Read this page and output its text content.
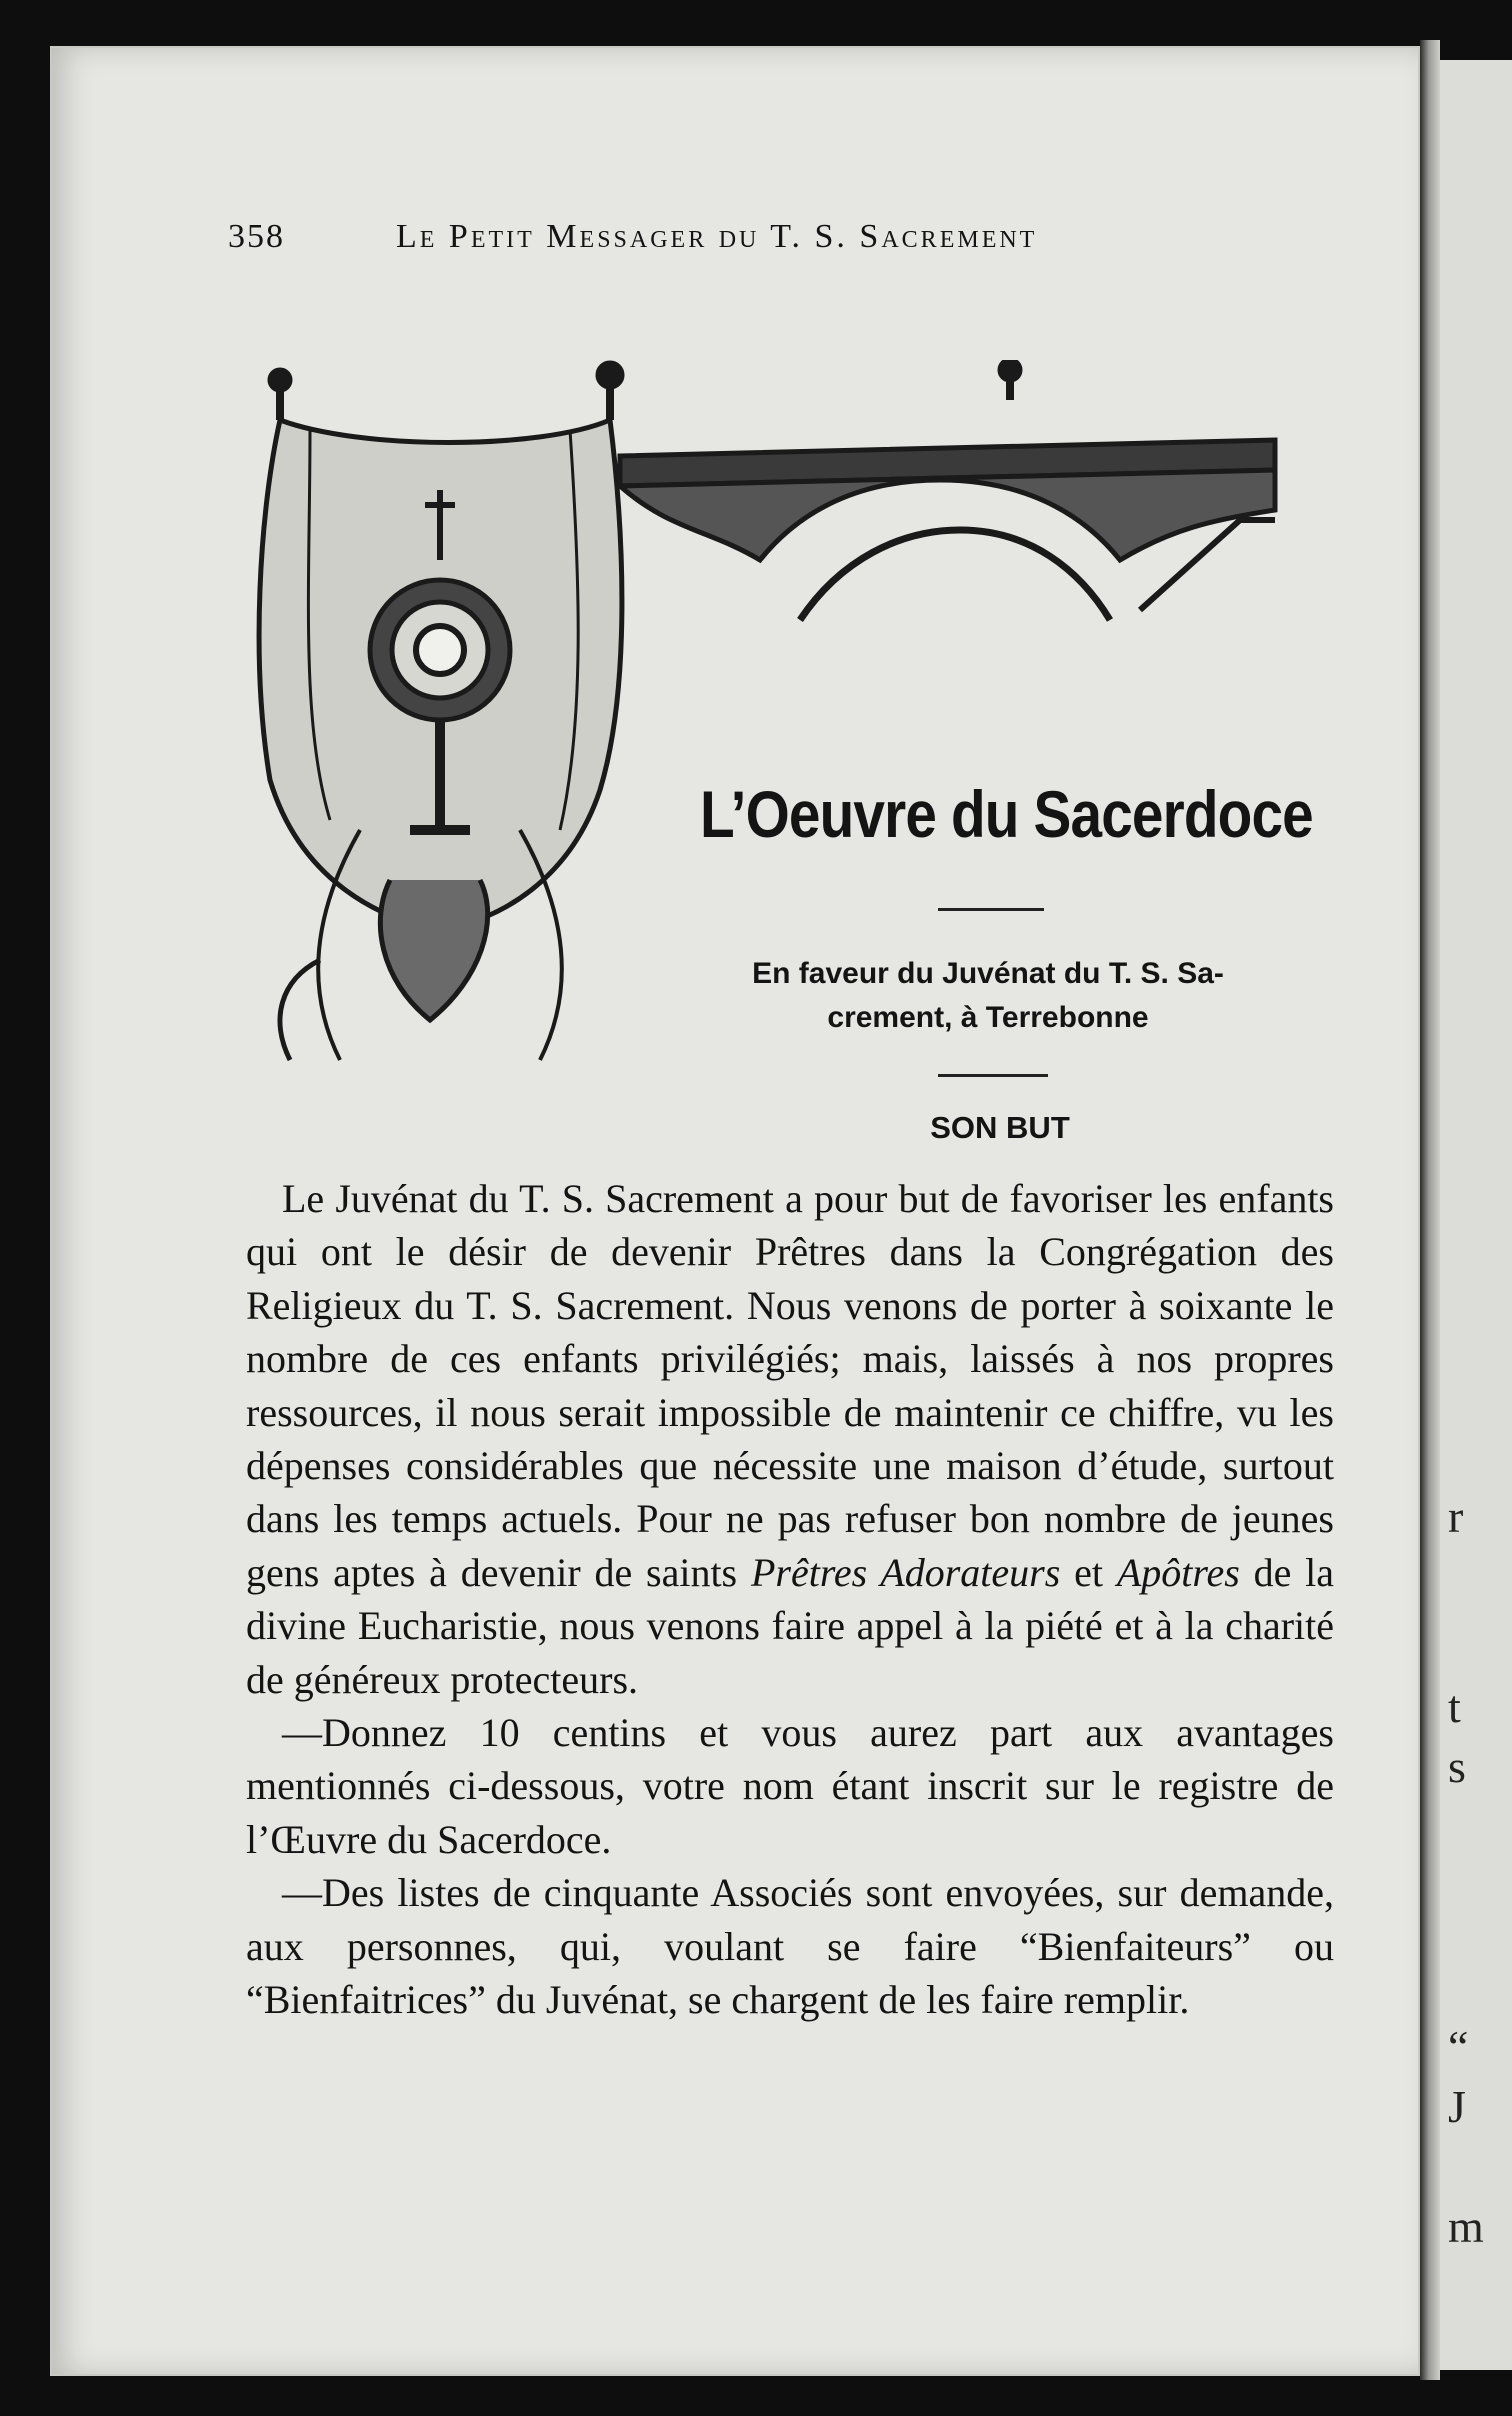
r
t
s
“
J
m
358	Le Petit Messager du T. S. Sacrement
L’Oeuvre du Sacerdoce
En faveur du Juvénat du T. S. Sa-
crement, à Terrebonne
SON BUT

Le Juvénat du T. S. Sacrement a pour but de favoriser les enfants qui ont le désir de devenir Prêtres dans la Congrégation des Religieux du T. S. Sacrement. Nous venons de porter à soixante le nombre de ces enfants privilégiés; mais, laissés à nos propres ressources, il nous serait impossible de maintenir ce chiffre, vu les dépenses considérables que nécessite une maison d’étude, surtout dans les temps actuels. Pour ne pas refuser bon nombre de jeunes gens aptes à devenir de saints Prêtres Adorateurs et Apôtres de la divine Eucharistie, nous venons faire appel à la piété et à la charité de généreux protecteurs.

—Donnez 10 centins et vous aurez part aux avantages mentionnés ci-dessous, votre nom étant inscrit sur le registre de l’Œuvre du Sacerdoce.

—Des listes de cinquante Associés sont envoyées, sur demande, aux personnes, qui, voulant se faire “Bienfaiteurs” ou “Bienfaitrices” du Juvénat, se chargent de les faire remplir.
